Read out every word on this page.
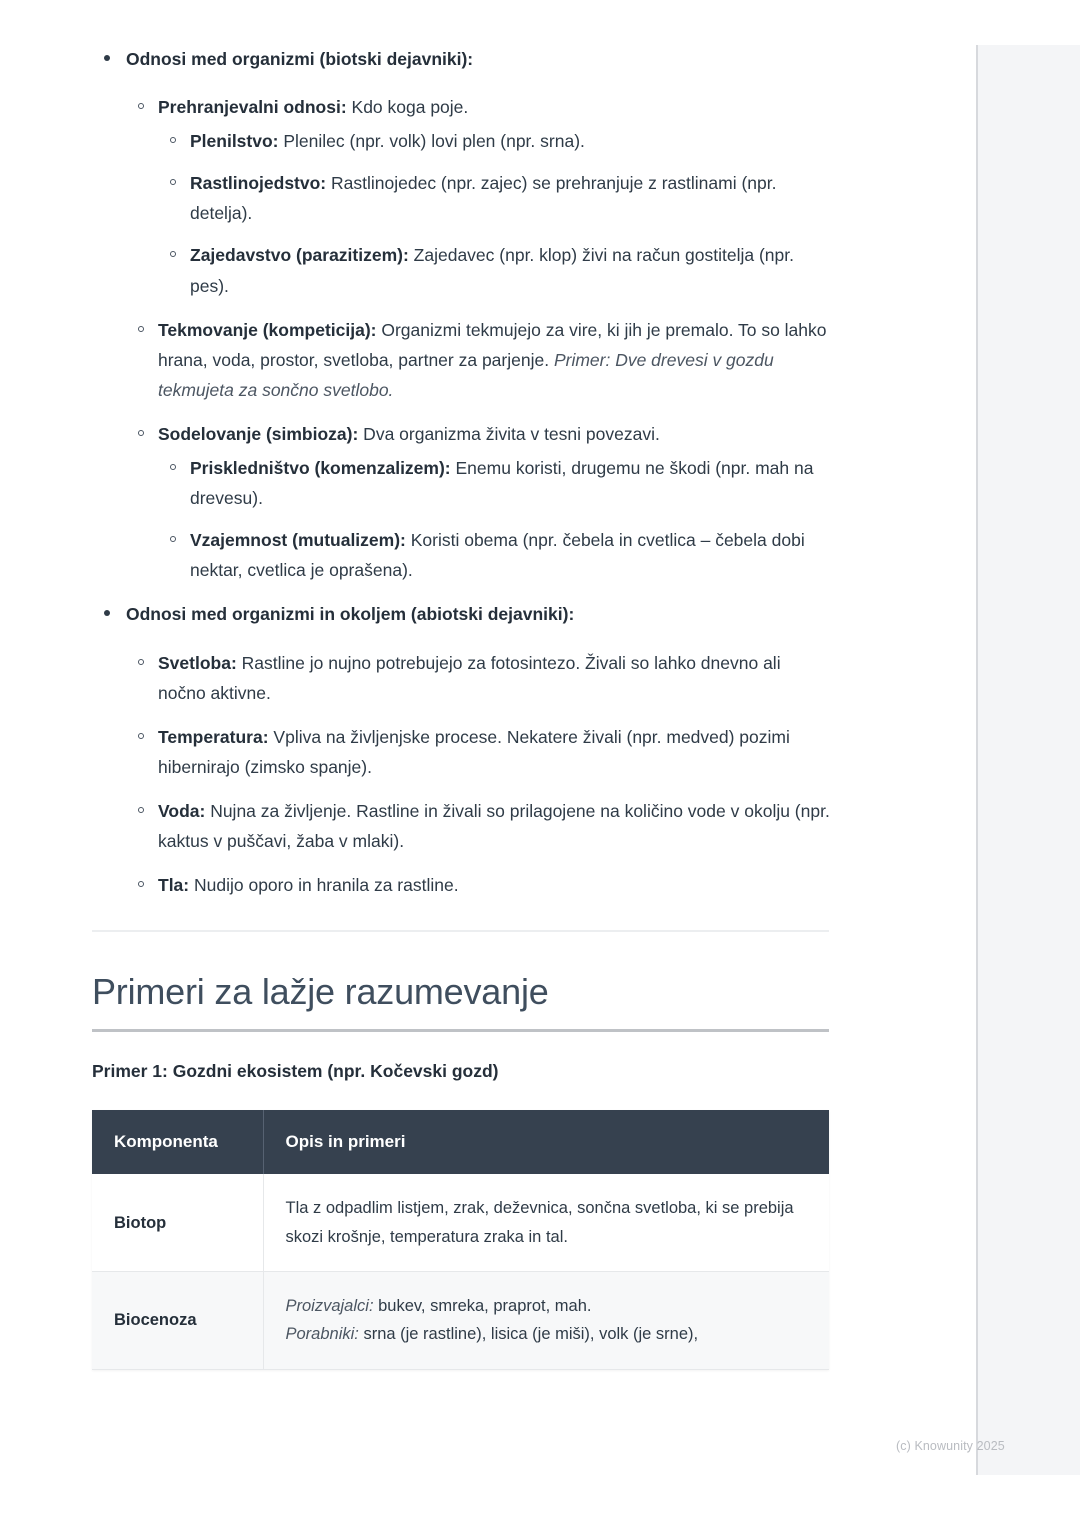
Odnosi med organizmi (biotski dejavniki):
Prehranjevalni odnosi: Kdo koga poje.
Plenilstvo: Plenilec (npr. volk) lovi plen (npr. srna).
Rastlinojedstvo: Rastlinojedec (npr. zajec) se prehranjuje z rastlinami (npr. detelja).
Zajedavstvo (parazitizem): Zajedavec (npr. klop) živi na račun gostitelja (npr. pes).
Tekmovanje (kompeticija): Organizmi tekmujejo za vire, ki jih je premalo. To so lahko hrana, voda, prostor, svetloba, partner za parjenje. Primer: Dve drevesi v gozdu tekmujeta za sončno svetlobo.
Sodelovanje (simbioza): Dva organizma živita v tesni povezavi.
Priskledništvo (komenzalizem): Enemu koristi, drugemu ne škodi (npr. mah na drevesu).
Vzajemnost (mutualizem): Koristi obema (npr. čebela in cvetlica – čebela dobi nektar, cvetlica je oprašena).
Odnosi med organizmi in okoljem (abiotski dejavniki):
Svetloba: Rastline jo nujno potrebujejo za fotosintezo. Živali so lahko dnevno ali nočno aktivne.
Temperatura: Vpliva na življenjske procese. Nekatere živali (npr. medved) pozimi hibernirajo (zimsko spanje).
Voda: Nujna za življenje. Rastline in živali so prilagojene na količino vode v okolju (npr. kaktus v puščavi, žaba v mlaki).
Tla: Nudijo oporo in hranila za rastline.
Primeri za lažje razumevanje
Primer 1: Gozdni ekosistem (npr. Kočevski gozd)
Komponenta	Opis in primeri
Biotop	Tla z odpadlim listjem, zrak, deževnica, sončna svetloba, ki se prebija skozi krošnje, temperatura zraka in tal.
Biocenoza	Proizvajalci: bukev, smreka, praprot, mah.
Porabniki: srna (je rastline), lisica (je miši), volk (je srne),
(c) Knowunity 2025
